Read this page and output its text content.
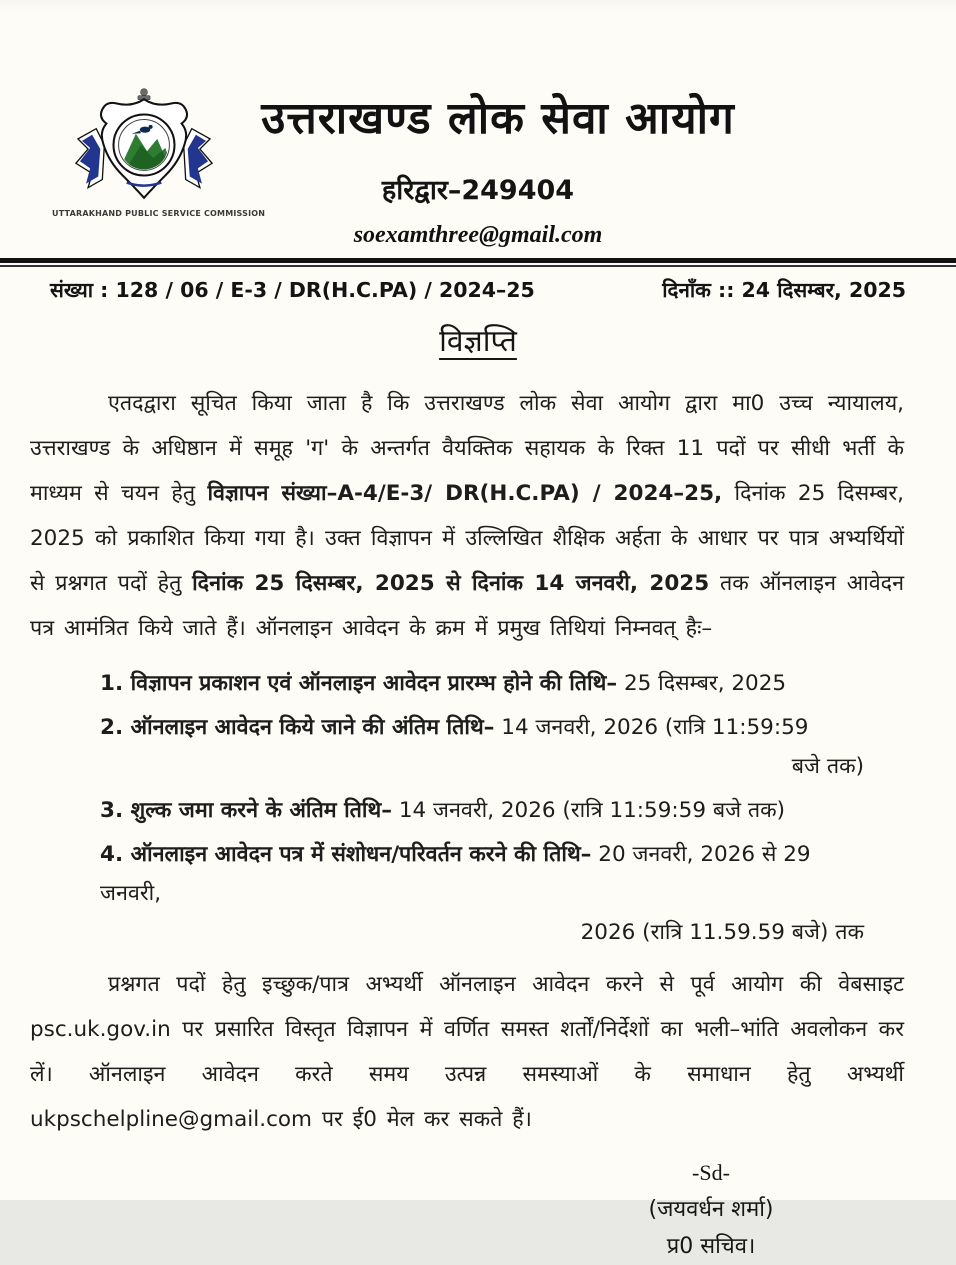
UTTARAKHAND PUBLIC SERVICE COMMISSION
उत्तराखण्ड लोक सेवा आयोग
हरिद्वार–249404
soexamthree@gmail.com
संख्या : 128 / 06 / E-3 / DR(H.C.PA) / 2024–25	दिनाँक :: 24 दिसम्बर, 2025
विज्ञप्ति

एतदद्वारा सूचित किया जाता है कि उत्तराखण्ड लोक सेवा आयोग द्वारा मा0 उच्च न्यायालय, उत्तराखण्ड के अधिष्ठान में समूह 'ग' के अन्तर्गत वैयक्तिक सहायक के रिक्त 11 पदों पर सीधी भर्ती के माध्यम से चयन हेतु विज्ञापन संख्या–A-4/E-3/ DR(H.C.PA) / 2024–25, दिनांक 25 दिसम्बर, 2025 को प्रकाशित किया गया है। उक्त विज्ञापन में उल्लिखित शैक्षिक अर्हता के आधार पर पात्र अभ्यर्थियों से प्रश्नगत पदों हेतु दिनांक 25 दिसम्बर, 2025 से दिनांक 14 जनवरी, 2025 तक ऑनलाइन आवेदन पत्र आमंत्रित किये जाते हैं। ऑनलाइन आवेदन के क्रम में प्रमुख तिथियां निम्नवत् हैः–

1. विज्ञापन प्रकाशन एवं ऑनलाइन आवेदन प्रारम्भ होने की तिथि– 25 दिसम्बर, 2025
2. ऑनलाइन आवेदन किये जाने की अंतिम तिथि– 14 जनवरी, 2026 (रात्रि 11:59:59
बजे तक)
3. शुल्क जमा करने के अंतिम तिथि– 14 जनवरी, 2026 (रात्रि 11:59:59 बजे तक)
4. ऑनलाइन आवेदन पत्र में संशोधन/परिवर्तन करने की तिथि– 20 जनवरी, 2026 से 29 जनवरी,
2026 (रात्रि 11.59.59 बजे) तक

प्रश्नगत पदों हेतु इच्छुक/पात्र अभ्यर्थी ऑनलाइन आवेदन करने से पूर्व आयोग की वेबसाइट psc.uk.gov.in पर प्रसारित विस्तृत विज्ञापन में वर्णित समस्त शर्तों/निर्देशों का भली–भांति अवलोकन कर लें। ऑनलाइन आवेदन करते समय उत्पन्न समस्याओं के समाधान हेतु अभ्यर्थी ukpschelpline@gmail.com पर ई0 मेल कर सकते हैं।

-Sd-
(जयवर्धन शर्मा)
प्र0 सचिव।
